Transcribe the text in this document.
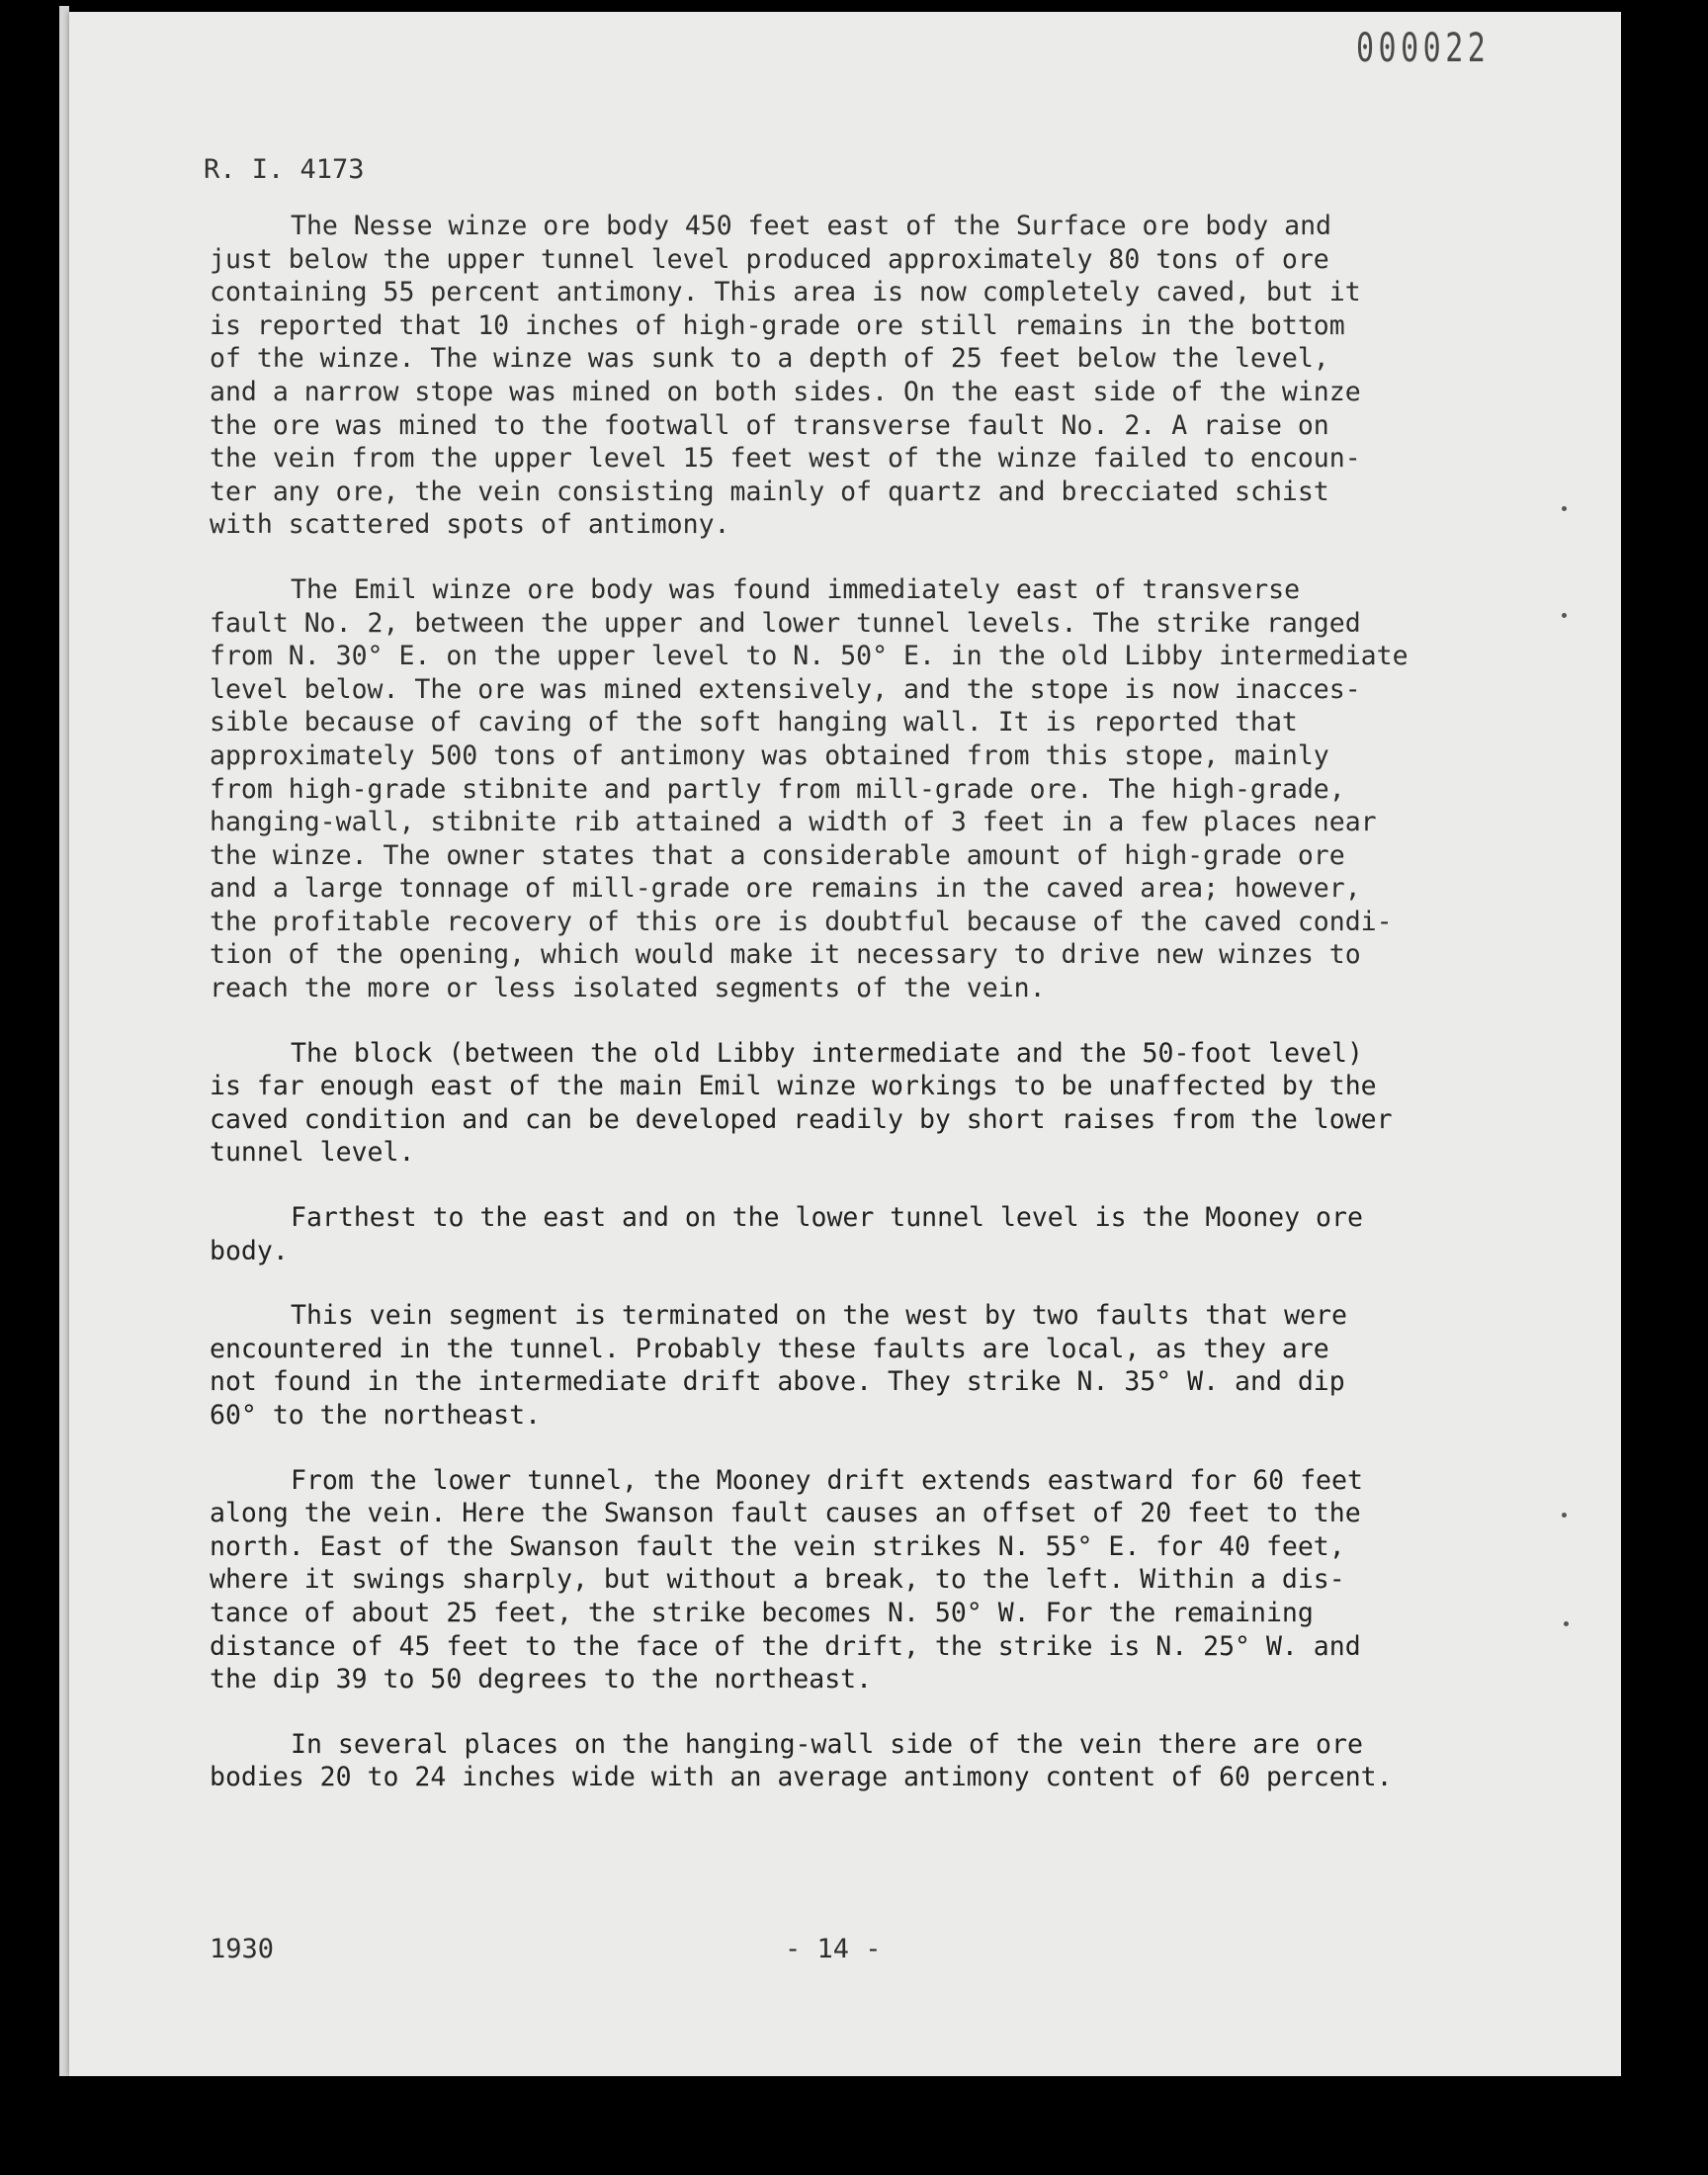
000022
R. I. 4173

The Nesse winze ore body 450 feet east of the Surface ore body and
just below the upper tunnel level produced approximately 80 tons of ore
containing 55 percent antimony. This area is now completely caved, but it
is reported that 10 inches of high-grade ore still remains in the bottom
of the winze. The winze was sunk to a depth of 25 feet below the level,
and a narrow stope was mined on both sides. On the east side of the winze
the ore was mined to the footwall of transverse fault No. 2. A raise on
the vein from the upper level 15 feet west of the winze failed to encoun-
ter any ore, the vein consisting mainly of quartz and brecciated schist
with scattered spots of antimony.

The Emil winze ore body was found immediately east of transverse
fault No. 2, between the upper and lower tunnel levels. The strike ranged
from N. 30° E. on the upper level to N. 50° E. in the old Libby intermediate
level below. The ore was mined extensively, and the stope is now inacces-
sible because of caving of the soft hanging wall. It is reported that
approximately 500 tons of antimony was obtained from this stope, mainly
from high-grade stibnite and partly from mill-grade ore. The high-grade,
hanging-wall, stibnite rib attained a width of 3 feet in a few places near
the winze. The owner states that a considerable amount of high-grade ore
and a large tonnage of mill-grade ore remains in the caved area; however,
the profitable recovery of this ore is doubtful because of the caved condi-
tion of the opening, which would make it necessary to drive new winzes to
reach the more or less isolated segments of the vein.

The block (between the old Libby intermediate and the 50-foot level)
is far enough east of the main Emil winze workings to be unaffected by the
caved condition and can be developed readily by short raises from the lower
tunnel level.

Farthest to the east and on the lower tunnel level is the Mooney ore
body.

This vein segment is terminated on the west by two faults that were
encountered in the tunnel. Probably these faults are local, as they are
not found in the intermediate drift above. They strike N. 35° W. and dip
60° to the northeast.

From the lower tunnel, the Mooney drift extends eastward for 60 feet
along the vein. Here the Swanson fault causes an offset of 20 feet to the
north. East of the Swanson fault the vein strikes N. 55° E. for 40 feet,
where it swings sharply, but without a break, to the left. Within a dis-
tance of about 25 feet, the strike becomes N. 50° W. For the remaining
distance of 45 feet to the face of the drift, the strike is N. 25° W. and
the dip 39 to 50 degrees to the northeast.

In several places on the hanging-wall side of the vein there are ore
bodies 20 to 24 inches wide with an average antimony content of 60 percent.

1930	- 14 -
